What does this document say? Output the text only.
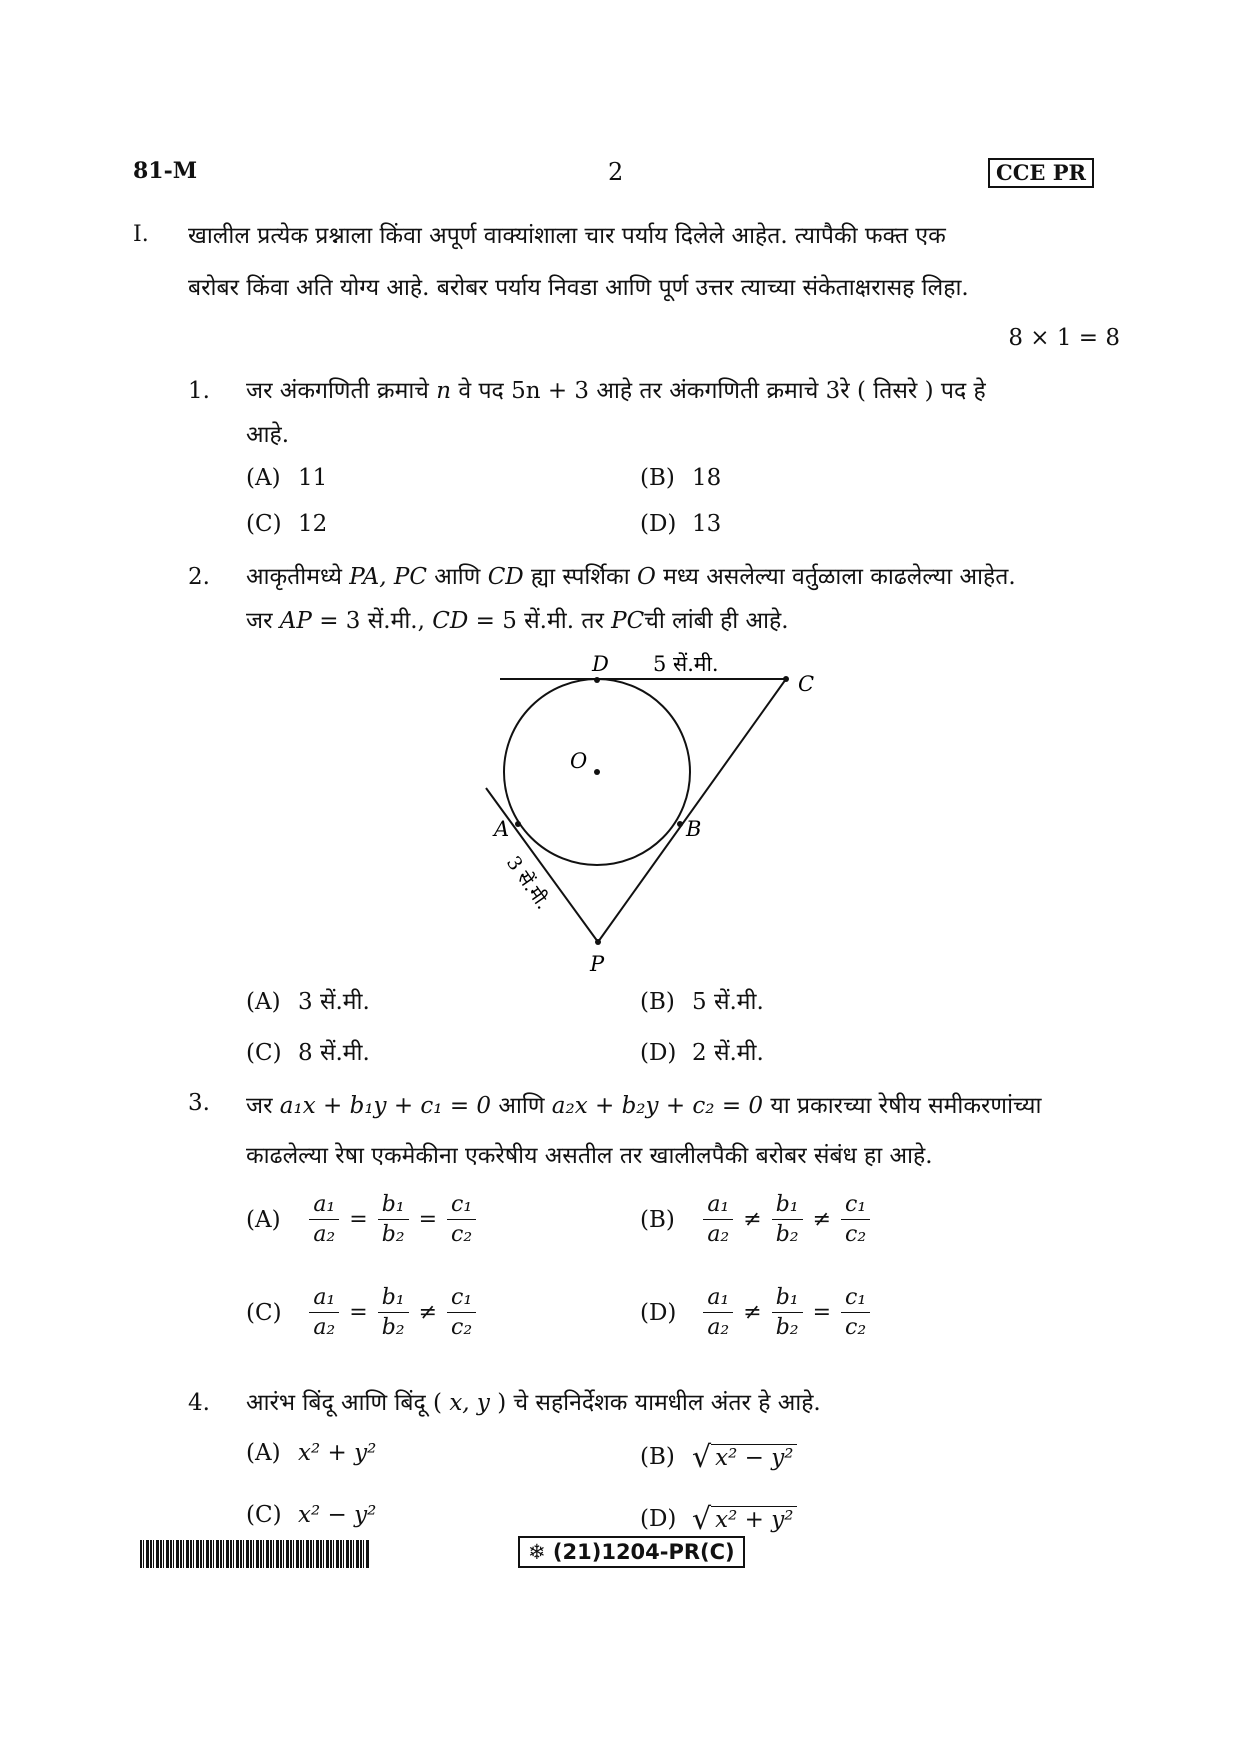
81-M	2	CCE PR
I. खालील प्रत्येक प्रश्नाला किंवा अपूर्ण वाक्यांशाला चार पर्याय दिलेले आहेत. त्यापैकी फक्त एक
बरोबर किंवा अति योग्य आहे. बरोबर पर्याय निवडा आणि पूर्ण उत्तर त्याच्या संकेताक्षरासह लिहा.
8 × 1 = 8
1. जर अंकगणिती क्रमाचे n वे पद 5n + 3 आहे तर अंकगणिती क्रमाचे 3रे ( तिसरे ) पद हे
आहे.
(A) 11	(B) 18
(C) 12	(D) 13
2. आकृतीमध्ये PA, PC आणि CD ह्या स्पर्शिका O मध्य असलेल्या वर्तुळाला काढलेल्या आहेत.
जर AP = 3 सें.मी., CD = 5 सें.मी. तर PCची लांबी ही आहे.
D 5 सें.मी.
C
O
A	B
P
3 सें.मी.
(A) 3 सें.मी.	(B) 5 सें.मी.
(C) 8 सें.मी.	(D) 2 सें.मी.
3. जर a₁x + b₁y + c₁ = 0 आणि a₂x + b₂y + c₂ = 0 या प्रकारच्या रेषीय समीकरणांच्या
काढलेल्या रेषा एकमेकीना एकरेषीय असतील तर खालीलपैकी बरोबर संबंध हा आहे.
$(A) \frac{\text{a₁}}{\text{a₂}} = \frac{\text{b₁}}{\text{b₂}} = \frac{\text{c₁}}{\text{c₂}}$	$(B) \frac{\text{a₁}}{\text{a₂}} \ne \frac{\text{b₁}}{\text{b₂}} \ne \frac{\text{c₁}}{\text{c₂}}$
$(C) \frac{\text{a₁}}{\text{a₂}} = \frac{\text{b₁}}{\text{b₂}} \ne \frac{\text{c₁}}{\text{c₂}}$	$(D) \frac{\text{a₁}}{\text{a₂}} \ne \frac{\text{b₁}}{\text{b₂}} = \frac{\text{c₁}}{\text{c₂}}$
4. आरंभ बिंदू आणि बिंदू ( x, y ) चे सहनिर्देशक यामधील अंतर हे आहे.
(A) x² + y²	(B) √ x² − y²
(C) x² − y²	(D) √ x² + y²
❄ (21)1204-PR(C)
